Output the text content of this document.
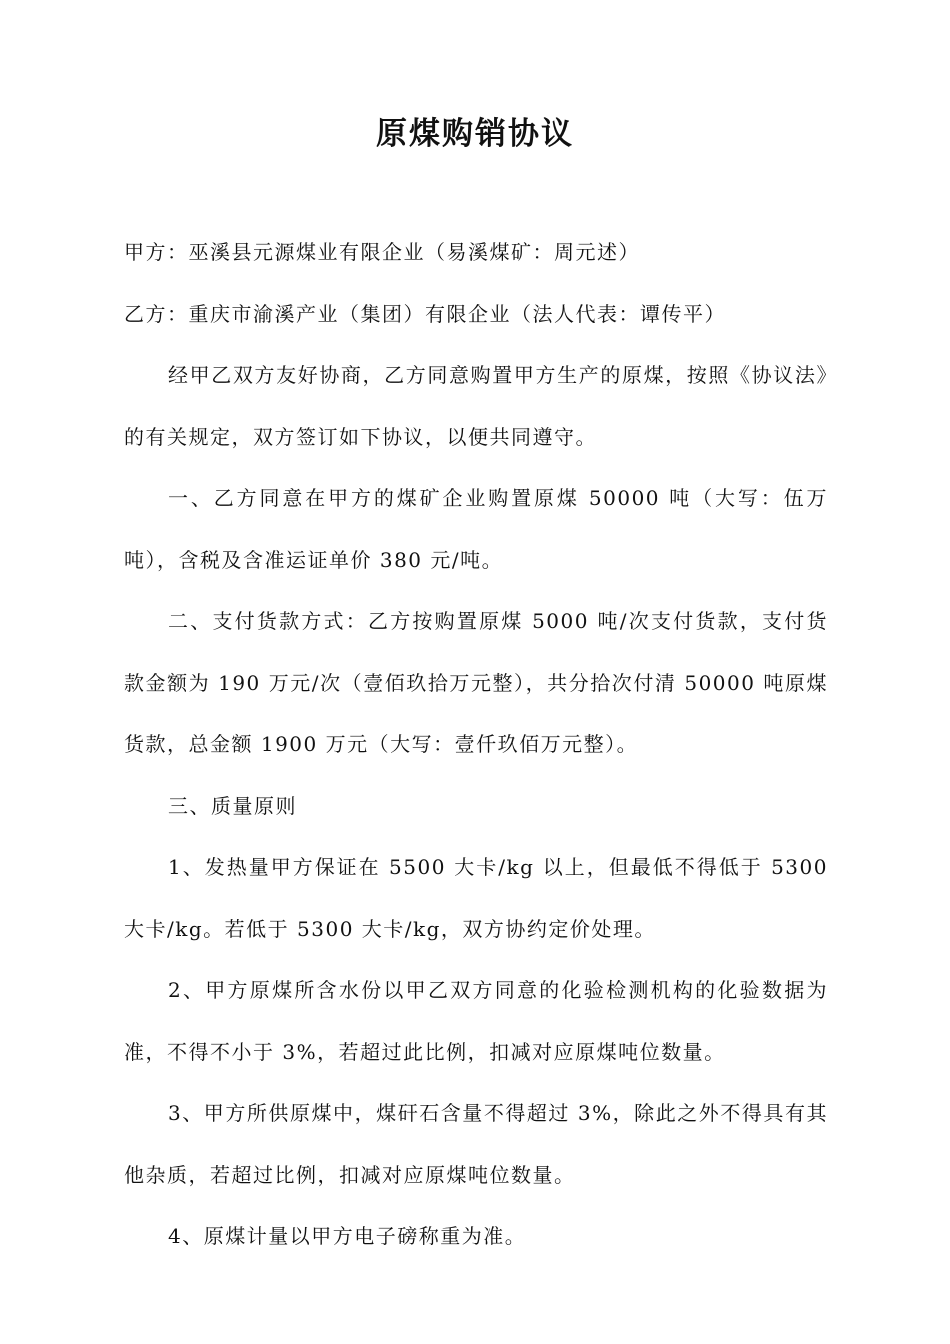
原煤购销协议

甲方：巫溪县元源煤业有限企业（易溪煤矿：周元述）

乙方：重庆市渝溪产业（集团）有限企业（法人代表：谭传平）

经甲乙双方友好协商，乙方同意购置甲方生产的原煤，按照《协议法》的有关规定，双方签订如下协议，以便共同遵守。

一、乙方同意在甲方的煤矿企业购置原煤 50000 吨（大写：伍万吨），含税及含准运证单价 380 元/吨。

二、支付货款方式：乙方按购置原煤 5000 吨/次支付货款，支付货款金额为 190 万元/次（壹佰玖拾万元整），共分拾次付清 50000 吨原煤货款，总金额 1900 万元（大写：壹仟玖佰万元整）。

三、质量原则

1、发热量甲方保证在 5500 大卡/kg 以上，但最低不得低于 5300 大卡/kg。若低于 5300 大卡/kg，双方协约定价处理。

2、甲方原煤所含水份以甲乙双方同意的化验检测机构的化验数据为准，不得不小于 3%，若超过此比例，扣减对应原煤吨位数量。

3、甲方所供原煤中，煤矸石含量不得超过 3%，除此之外不得具有其他杂质，若超过比例，扣减对应原煤吨位数量。

4、原煤计量以甲方电子磅称重为准。
